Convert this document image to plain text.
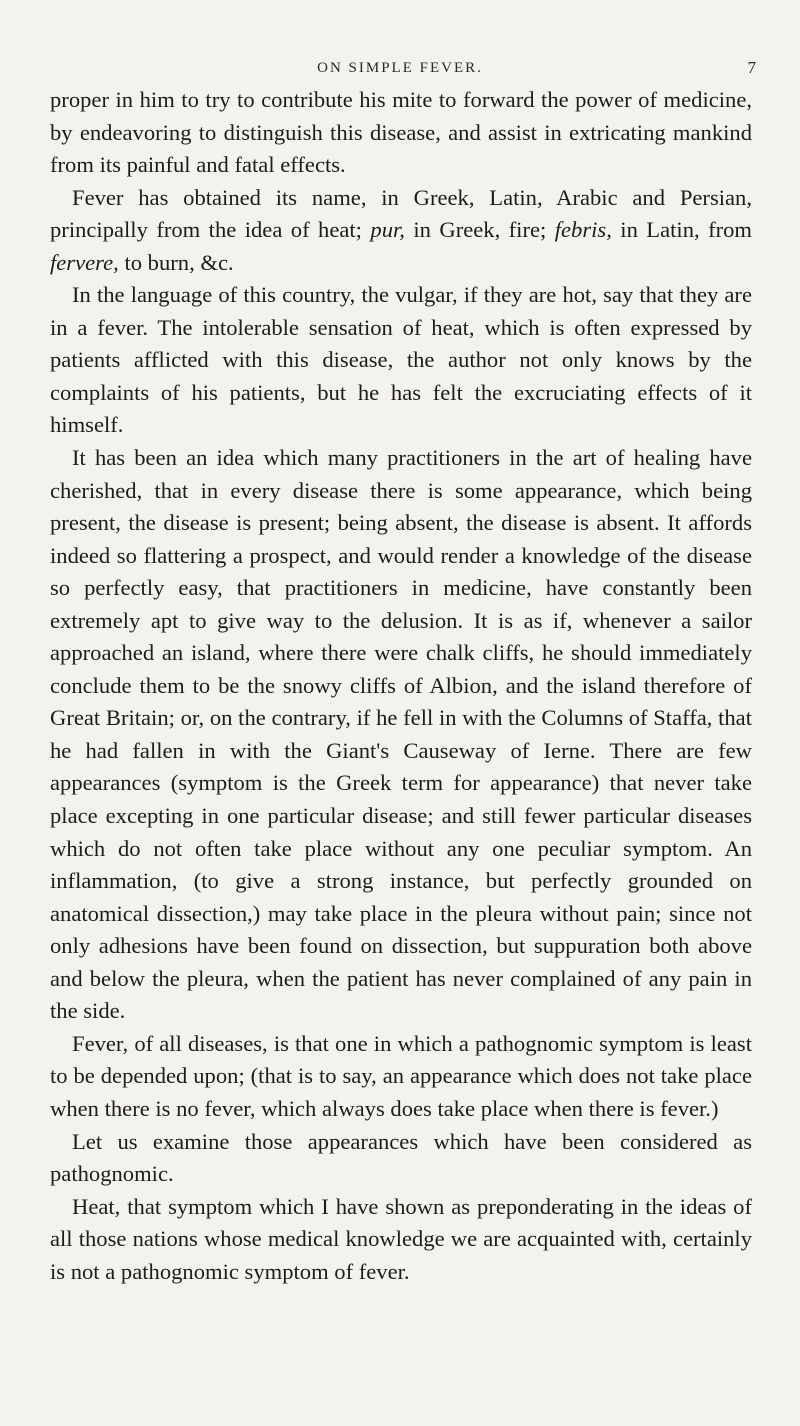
ON SIMPLE FEVER.	7

proper in him to try to contribute his mite to forward the power of medicine, by endeavoring to distinguish this disease, and assist in extricating mankind from its painful and fatal effects.

Fever has obtained its name, in Greek, Latin, Arabic and Persian, principally from the idea of heat; pur, in Greek, fire; febris, in Latin, from fervere, to burn, &c.

In the language of this country, the vulgar, if they are hot, say that they are in a fever. The intolerable sensation of heat, which is often expressed by patients afflicted with this disease, the author not only knows by the complaints of his patients, but he has felt the excruciating effects of it himself.

It has been an idea which many practitioners in the art of healing have cherished, that in every disease there is some appearance, which being present, the disease is present; being absent, the disease is absent. It affords indeed so flattering a prospect, and would render a knowledge of the disease so perfectly easy, that practitioners in medicine, have constantly been extremely apt to give way to the delusion. It is as if, whenever a sailor approached an island, where there were chalk cliffs, he should immediately conclude them to be the snowy cliffs of Albion, and the island therefore of Great Britain; or, on the contrary, if he fell in with the Columns of Staffa, that he had fallen in with the Giant's Causeway of Ierne. There are few appearances (symptom is the Greek term for appearance) that never take place excepting in one particular disease; and still fewer particular diseases which do not often take place without any one peculiar symptom. An inflammation, (to give a strong instance, but perfectly grounded on anatomical dissection,) may take place in the pleura without pain; since not only adhesions have been found on dissection, but suppuration both above and below the pleura, when the patient has never complained of any pain in the side.

Fever, of all diseases, is that one in which a pathognomic symptom is least to be depended upon; (that is to say, an appearance which does not take place when there is no fever, which always does take place when there is fever.)

Let us examine those appearances which have been considered as pathognomic.

Heat, that symptom which I have shown as preponderating in the ideas of all those nations whose medical knowledge we are acquainted with, certainly is not a pathognomic symptom of fever.
